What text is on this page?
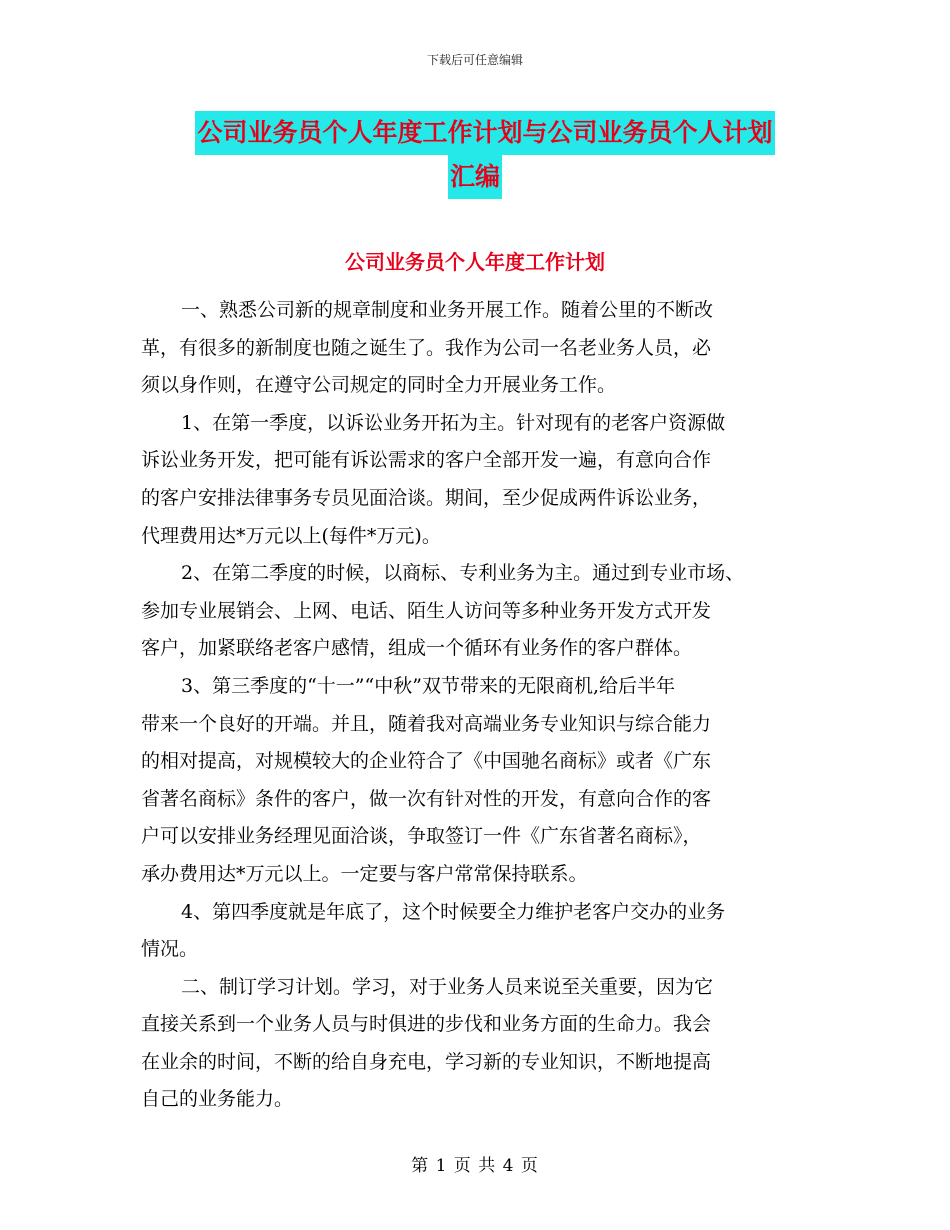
下载后可任意编辑
公司业务员个人年度工作计划与公司业务员个人计划
汇编
公司业务员个人年度工作计划

一、熟悉公司新的规章制度和业务开展工作。随着公里的不断改
革，有很多的新制度也随之诞生了。我作为公司一名老业务人员，必
须以身作则，在遵守公司规定的同时全力开展业务工作。

1、在第一季度，以诉讼业务开拓为主。针对现有的老客户资源做
诉讼业务开发，把可能有诉讼需求的客户全部开发一遍，有意向合作
的客户安排法律事务专员见面洽谈。期间，至少促成两件诉讼业务，
代理费用达*万元以上(每件*万元)。

2、在第二季度的时候，以商标、专利业务为主。通过到专业市场、
参加专业展销会、上网、电话、陌生人访问等多种业务开发方式开发
客户，加紧联络老客户感情，组成一个循环有业务作的客户群体。

3、第三季度的“十一”“中秋”双节带来的无限商机,给后半年
带来一个良好的开端。并且，随着我对高端业务专业知识与综合能力
的相对提高，对规模较大的企业符合了《中国驰名商标》或者《广东
省著名商标》条件的客户，做一次有针对性的开发，有意向合作的客
户可以安排业务经理见面洽谈，争取签订一件《广东省著名商标》，
承办费用达*万元以上。一定要与客户常常保持联系。

4、第四季度就是年底了，这个时候要全力维护老客户交办的业务
情况。

二、制订学习计划。学习，对于业务人员来说至关重要，因为它
直接关系到一个业务人员与时俱进的步伐和业务方面的生命力。我会
在业余的时间，不断的给自身充电，学习新的专业知识，不断地提高
自己的业务能力。

第 1 页 共 4 页
